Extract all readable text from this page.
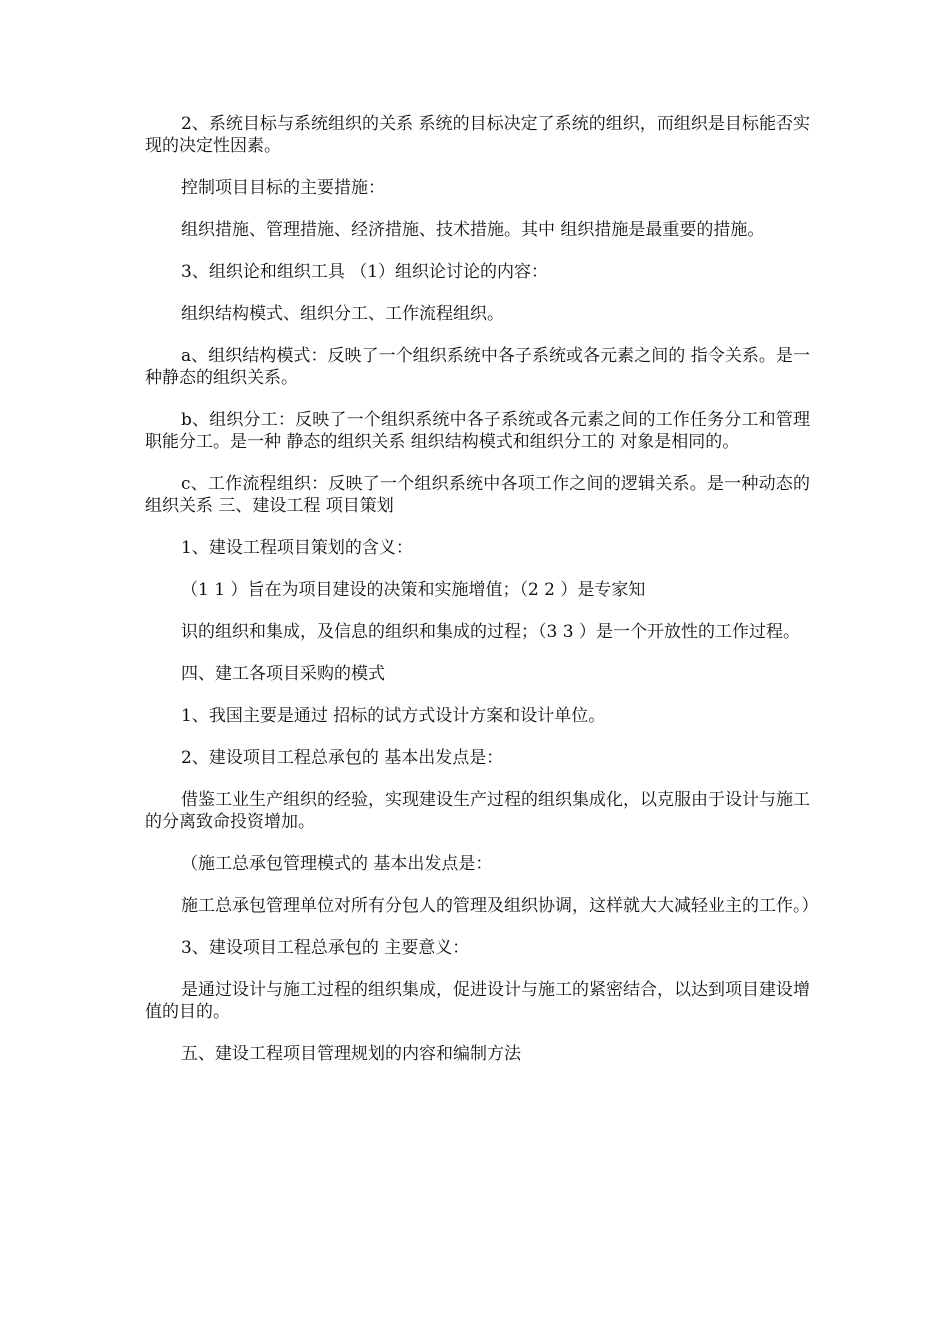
2、系统目标与系统组织的关系 系统的目标决定了系统的组织，而组织是目标能否实现的决定性因素。

控制项目目标的主要措施：

组织措施、管理措施、经济措施、技术措施。其中 组织措施是最重要的措施。

3、组织论和组织工具 （1）组织论讨论的内容：

组织结构模式、组织分工、工作流程组织。

a、组织结构模式：反映了一个组织系统中各子系统或各元素之间的 指令关系。是一种静态的组织关系。

b、组织分工：反映了一个组织系统中各子系统或各元素之间的工作任务分工和管理职能分工。是一种 静态的组织关系 组织结构模式和组织分工的 对象是相同的。

c、工作流程组织：反映了一个组织系统中各项工作之间的逻辑关系。是一种动态的组织关系 三、建设工程 项目策划

1、建设工程项目策划的含义：

（1 1 ）旨在为项目建设的决策和实施增值；（2 2 ）是专家知

识的组织和集成，及信息的组织和集成的过程；（3 3 ）是一个开放性的工作过程。

四、建工各项目采购的模式

1、我国主要是通过 招标的试方式设计方案和设计单位。

2、建设项目工程总承包的 基本出发点是：

借鉴工业生产组织的经验，实现建设生产过程的组织集成化，以克服由于设计与施工的分离致命投资增加。

（施工总承包管理模式的 基本出发点是：

施工总承包管理单位对所有分包人的管理及组织协调，这样就大大减轻业主的工作。）

3、建设项目工程总承包的 主要意义：

是通过设计与施工过程的组织集成，促进设计与施工的紧密结合，以达到项目建设增值的目的。

五、建设工程项目管理规划的内容和编制方法
